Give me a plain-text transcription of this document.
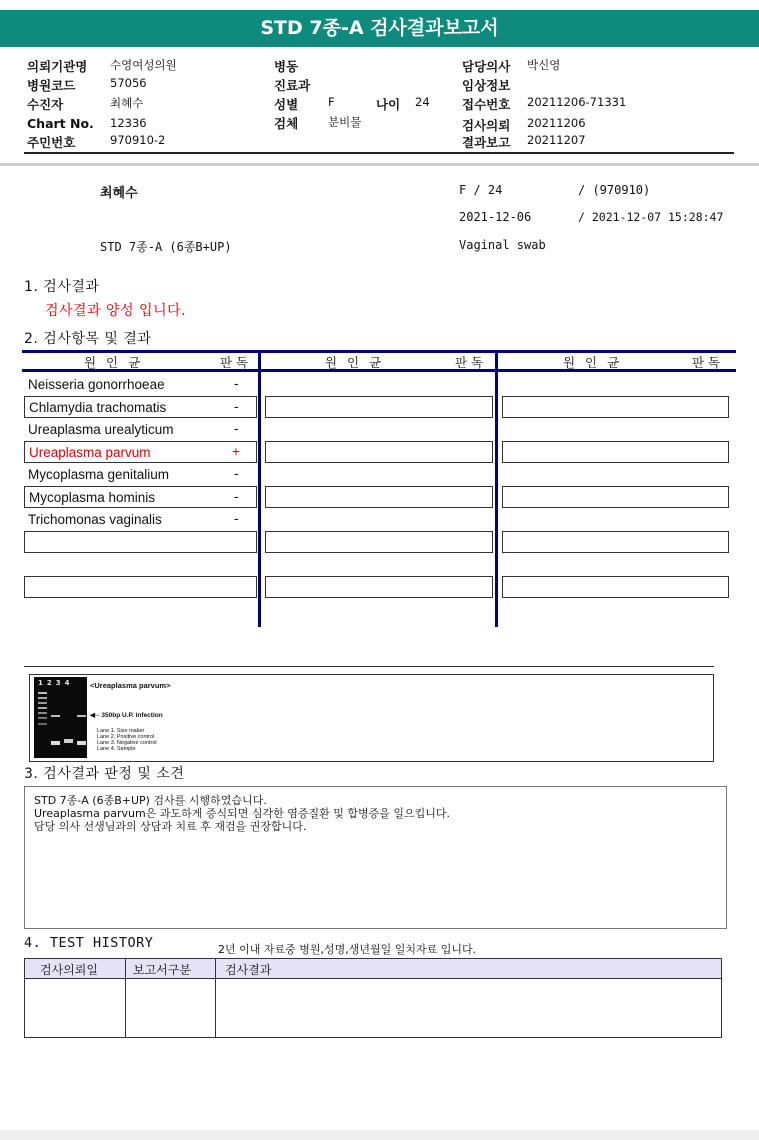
STD 7종-A 검사결과보고서
의뢰기관명 수영여성의원
병원코드	57056
수진자	최혜수
Chart No. 12336
주민번호	970910-2
병동
진료과
성별	F	나이 24
검체	분비물
담당의사 박신영
임상정보
접수번호 20211206-71331
검사의뢰 20211206
결과보고 20211207
최혜수	F / 24	/ (970910)
2021-12-06	/ 2021-12-07 15:28:47
STD 7종-A (6종B+UP)	Vaginal swab
1. 검사결과
검사결과 양성 입니다.
2. 검사항목 및 결과
원 인 균	판 독	원 인 균	판 독	원 인 균	판 독
Neisseria gonorrhoeae	-
Chlamydia trachomatis	-
Ureaplasma urealyticum	-
Ureaplasma parvum	+
Mycoplasma genitalium	-
Mycoplasma hominis	-
Trichomonas vaginalis	-
1234	<Ureaplasma parvum>
◀─ 350bp U.P. infection
Lane 1. Size maker
Lane 2. Positive control
Lane 3. Negative control
Lane 4. Sample
3. 검사결과 판정 및 소견
STD 7종-A (6종B+UP) 검사를 시행하였습니다.
Ureaplasma parvum은 과도하게 증식되면 심각한 염증질환 및 합병증을 일으킵니다.
담당 의사 선생님과의 상담과 치료 후 재검을 권장합니다.
4. TEST HISTORY	2년 이내 자료중 병원,성명,생년월일 일치자료 입니다.
검사의뢰일	보고서구분	검사결과
